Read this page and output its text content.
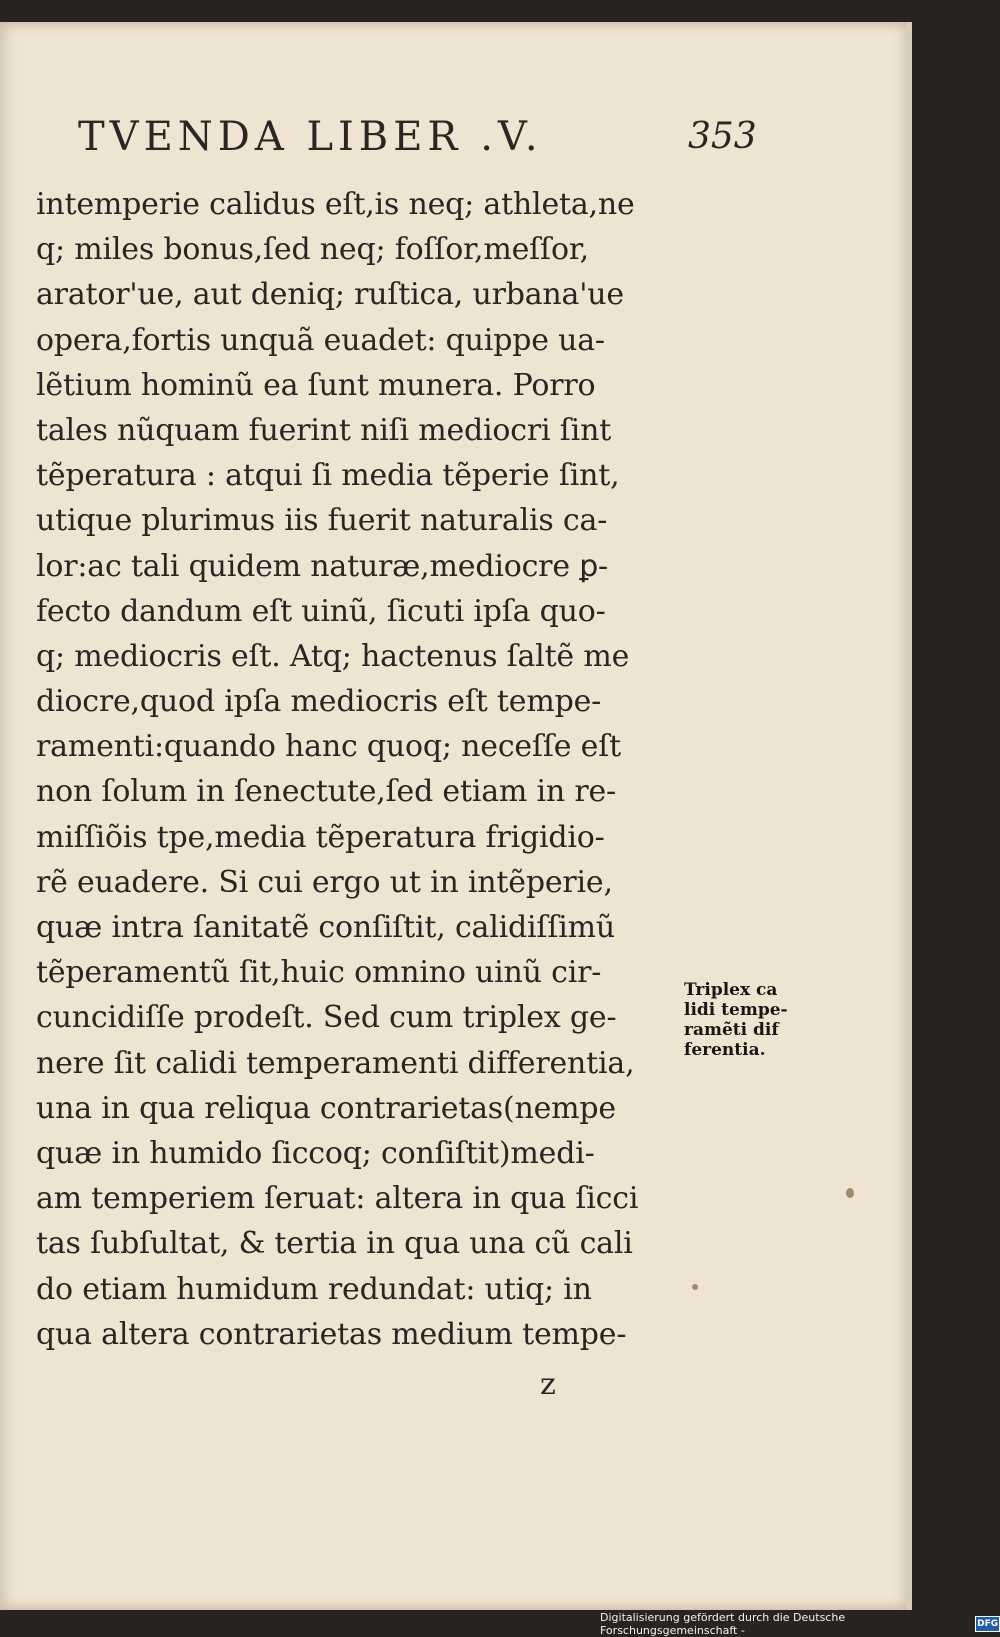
TVENDA LIBER .V.	353
intemperie calidus eſt,is neq; athleta,ne
q; miles bonus,ſed neq; foſſor,meſſor,
arator'ue, aut deniq; ruſtica, urbana'ue
opera,fortis unquã euadet: quippe ua-
lẽtium hominũ ea ſunt munera. Porro
tales nũquam fuerint niſi mediocri ſint
tẽperatura : atqui ſi media tẽperie ſint,
utique plurimus iis fuerit naturalis ca-
lor:ac tali quidem naturæ,mediocre ꝑ-
fecto dandum eſt uinũ, ſicuti ipſa quo-
q; mediocris eſt. Atq; hactenus ſaltẽ me
diocre,quod ipſa mediocris eſt tempe-
ramenti:quando hanc quoq; neceſſe eſt
non ſolum in ſenectute,ſed etiam in re-
miſſiõis tpe,media tẽperatura frigidio-
rẽ euadere. Si cui ergo ut in intẽperie,
quæ intra ſanitatẽ conſiſtit, calidiſſimũ
tẽperamentũ ſit,huic omnino uinũ cir-
cuncidiſſe prodeſt. Sed cum triplex ge-
nere ſit calidi temperamenti differentia,
una in qua reliqua contrarietas(nempe
quæ in humido ſiccoq; conſiſtit)medi-
am temperiem ſeruat: altera in qua ſicci
tas ſubſultat, & tertia in qua una cũ cali
do etiam humidum redundat: utiq; in
qua altera contrarietas medium tempe-
Triplex ca
lidi tempe-
ramẽti dif
ferentia.
z
Digitalisierung gefördert durch die Deutsche Forschungsgemeinschaft -	DFG
